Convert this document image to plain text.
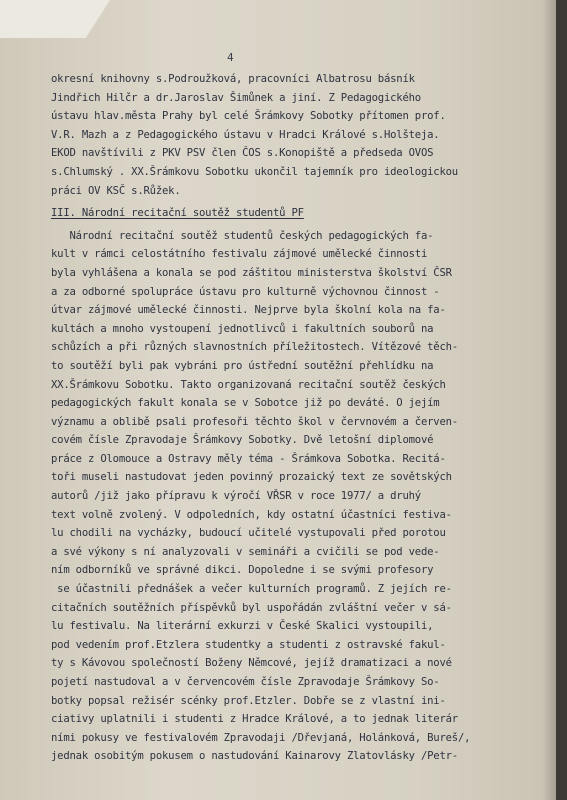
4
okresní knihovny s.Podroužková, pracovníci Albatrosu básník
Jindřich Hilčr a dr.Jaroslav Šimůnek a jiní. Z Pedagogického
ústavu hlav.města Prahy byl celé Šrámkovy Sobotky přítomen prof.
V.R. Mazh a z Pedagogického ústavu v Hradci Králové s.Holšteja.
EKOD navštívili z PKV PSV člen ČOS s.Konopiště a předseda OVOS
s.Chlumský . XX.Šrámkovu Sobotku ukončil tajemník pro ideologickou
práci OV KSČ s.Růžek.
III. Národní recitační soutěž studentů PF
Národní recitační soutěž studentů českých pedagogických fa-
kult v rámci celostátního festivalu zájmové umělecké činnosti
byla vyhlášena a konala se pod záštitou ministerstva školství ČSR
a za odborné spolupráce ústavu pro kulturně výchovnou činnost -
útvar zájmové umělecké činnosti. Nejprve byla školní kola na fa-
kultách a mnoho vystoupení jednotlivců i fakultních souborů na
schůzích a při různých slavnostních příležitostech. Vítězové těch-
to soutěží byli pak vybráni pro ústřední soutěžní přehlídku na
XX.Šrámkovu Sobotku. Takto organizovaná recitační soutěž českých
pedagogických fakult konala se v Sobotce již po deváté. O jejím
významu a oblibě psali profesoři těchto škol v červnovém a červen-
covém čísle Zpravodaje Šrámkovy Sobotky. Dvě letošní diplomové
práce z Olomouce a Ostravy měly téma - Šrámkova Sobotka. Recitá-
toři museli nastudovat jeden povinný prozaický text ze sovětských
autorů /již jako přípravu k výročí VŘSR v roce 1977/ a druhý
text volně zvolený. V odpoledních, kdy ostatní účastníci festiva-
lu chodili na vycházky, budoucí učitelé vystupovali před porotou
a své výkony s ní analyzovali v semináři a cvičili se pod vede-
ním odborníků ve správné dikci. Dopoledne i se svými profesory
se účastnili přednášek a večer kulturních programů. Z jejích re-
citačních soutěžních příspěvků byl uspořádán zvláštní večer v sá-
lu festivalu. Na literární exkurzi v České Skalici vystoupili,
pod vedením prof.Etzlera studentky a studenti z ostravské fakul-
ty s Kávovou společností Boženy Němcové, jejíž dramatizaci a nové
pojetí nastudoval a v červencovém čísle Zpravodaje Šrámkovy So-
botky popsal režisér scénky prof.Etzler. Dobře se z vlastní ini-
ciativy uplatnili i studenti z Hradce Králové, a to jednak literár
ními pokusy ve festivalovém Zpravodaji /Dřevjaná, Holánková, Bureš/,
jednak osobitým pokusem o nastudování Kainarovy Zlatovlásky /Petr-
